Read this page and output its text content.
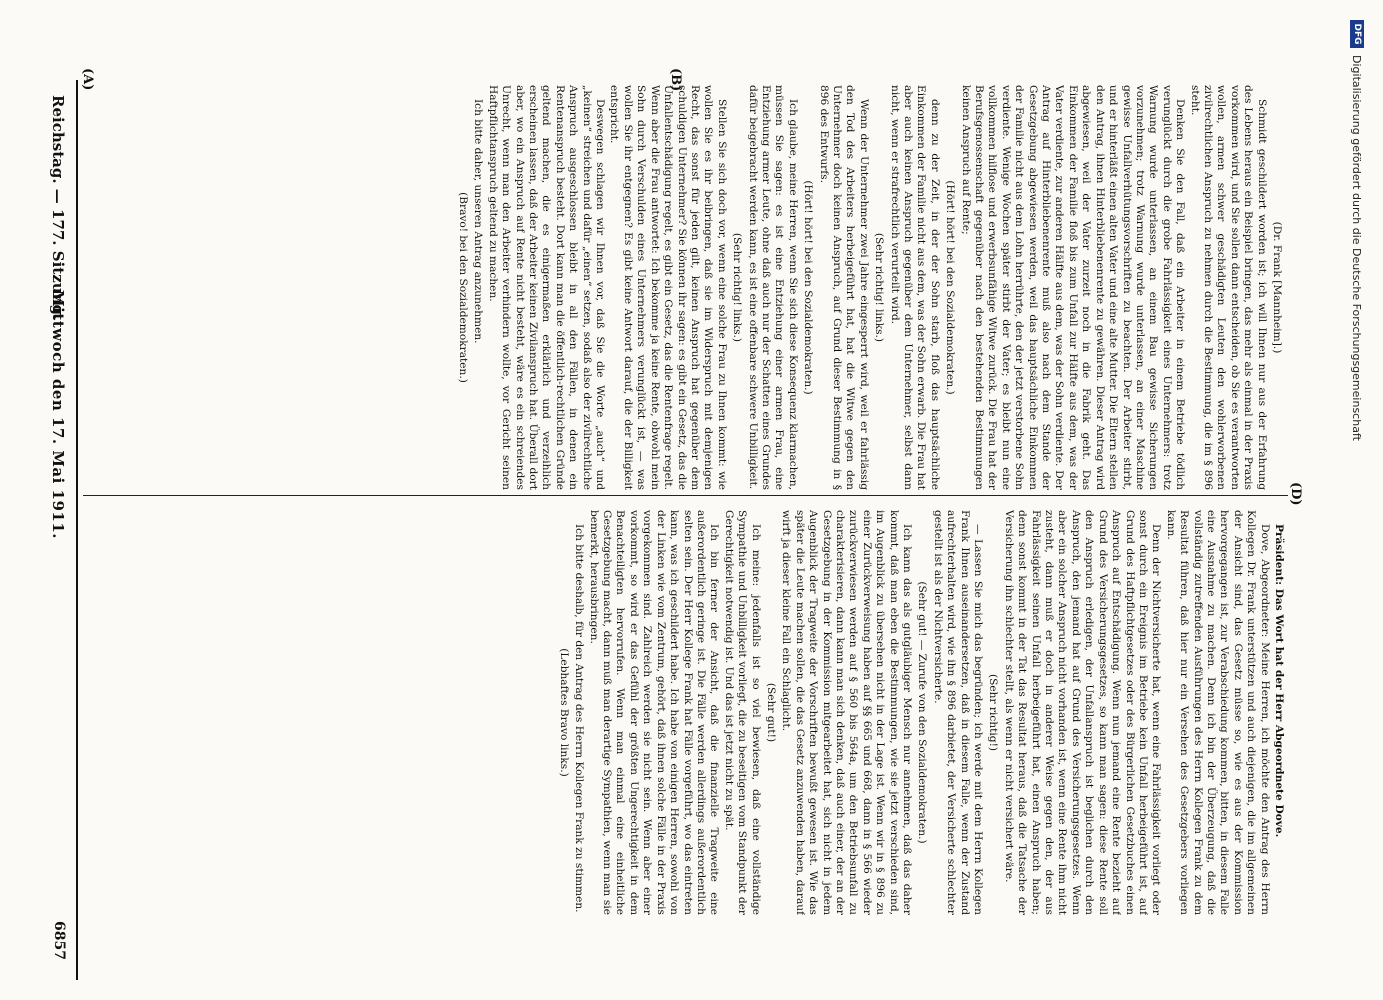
Reichstag. — 177. Sitzung.
Mittwoch den 17. Mai 1911.
6857
(A)	(B)
(D)

(Dr. Frank [Mannheim].)

Schmidt geschildert worden ist; ich will Ihnen nur aus der Erfahrung des Lebens heraus ein Beispiel bringen, das mehr als einmal in der Praxis vorkommen wird, und Sie sollen dann entscheiden, ob Sie es verantworten wollen, armen schwer geschädigten Leuten den wohlerworbenen zivilrechtlichen Anspruch zu nehmen durch die Bestimmung, die im § 896 steht.

Denken Sie den Fall, daß ein Arbeiter in einem Betriebe tödlich verunglückt durch die grobe Fahrlässigkeit eines Unternehmers: trotz Warnung wurde unterlassen, an einem Bau gewisse Sicherungen vorzunehmen; trotz Warnung wurde unterlassen, an einer Maschine gewisse Unfallverhütungsvorschriften zu beachten. Der Arbeiter stirbt, und er hinterläßt einen alten Vater und eine alte Mutter. Die Eltern stellen den Antrag, ihnen Hinterbliebenenrente zu gewähren. Dieser Antrag wird abgewiesen, weil der Vater zurzeit noch in die Fabrik geht. Das Einkommen der Familie floß bis zum Unfall zur Hälfte aus dem, was der Vater verdiente, zur anderen Hälfte aus dem, was der Sohn verdiente. Der Antrag auf Hinterbliebenenrente muß also nach dem Stande der Gesetzgebung abgewiesen werden, weil das hauptsächliche Einkommen der Familie nicht aus dem Lohn herrührte, den der jetzt verstorbene Sohn verdiente. Wenige Wochen später stirbt der Vater; es bleibt nun eine vollkommen hilflose und erwerbsunfähige Witwe zurück. Die Frau hat der Berufsgenossenschaft gegenüber nach den bestehenden Bestimmungen keinen Anspruch auf Rente;

(Hört! hört! bei den Sozialdemokraten.)

denn zu der Zeit, in der der Sohn starb, floß das hauptsächliche Einkommen der Familie nicht aus dem, was der Sohn erwarb. Die Frau hat aber auch keinen Anspruch gegenüber dem Unternehmer, selbst dann nicht, wenn er strafrechtlich verurteilt wird.

(Sehr richtig! links.)

Wenn der Unternehmer zwei Jahre eingesperrt wird, weil er fahrlässig den Tod des Arbeiters herbeigeführt hat, hat die Witwe gegen den Unternehmer doch keinen Anspruch, auf Grund dieser Bestimmung in § 896 des Entwurfs.

(Hört! hört! bei den Sozialdemokraten.)

Ich glaube, meine Herren, wenn Sie sich diese Konsequenz klarmachen, müssen Sie sagen: es ist eine Entziehung einer armen Frau, eine Entziehung armer Leute, ohne daß auch nur der Schatten eines Grundes dafür beigebracht werden kann, es ist eine offenbare schwere Unbilligkeit.

(Sehr richtig! links.)

Stellen Sie sich doch vor, wenn eine solche Frau zu Ihnen kommt: wie wollen Sie es ihr beibringen, daß sie im Widerspruch mit demjenigen Recht, das sonst für jeden gilt, keinen Anspruch hat gegenüber dem schuldigen Unternehmer? Sie können ihr sagen: es gibt ein Gesetz, das die Unfallentschädigung regelt, es gibt ein Gesetz, das die Rentenfrage regelt. Wenn aber die Frau antwortet: Ich bekomme ja keine Rente, obwohl mein Sohn durch Verschulden eines Unternehmers verunglückt ist, — was wollen Sie ihr entgegnen? Es gibt keine Antwort darauf, die der Billigkeit entspricht.

Deswegen schlagen wir Ihnen vor, daß Sie die Worte „auch“ und „keinen“ streichen und dafür „einen“ setzen, sodaß also der zivilrechtliche Anspruch ausgeschlossen bleibt in all den Fällen, in denen ein Rentenanspruch besteht. Dort kann man die öffentlich-rechtlichen Gründe geltend machen, die es einigermaßen erklärlich und verzeihlich erscheinen lassen, daß der Arbeiter keinen Zivilanspruch hat. Überall dort aber, wo ein Anspruch auf Rente nicht besteht, wäre es ein schreiendes Unrecht, wenn man den Arbeiter verhindern wollte, vor Gericht seinen Haftpflichtanspruch geltend zu machen.

Ich bitte daher, unseren Antrag anzunehmen.

(Bravo! bei den Sozialdemokraten.)

Präsident: Das Wort hat der Herr Abgeordnete Dove.

Dove, Abgeordneter: Meine Herren, ich möchte den Antrag des Herrn Kollegen Dr. Frank unterstützen und auch diejenigen, die im allgemeinen der Ansicht sind, das Gesetz müsse so, wie es aus der Kommission hervorgegangen ist, zur Verabschiedung kommen, bitten, in diesem Falle eine Ausnahme zu machen. Denn ich bin der Überzeugung, daß die vollständig zutreffenden Ausführungen des Herrn Kollegen Frank zu dem Resultat führen, daß hier nur ein Versehen des Gesetzgebers vorliegen kann.

Denn der Nichtversicherte hat, wenn eine Fahrlässigkeit vorliegt oder sonst durch ein Ereignis im Betriebe kein Unfall herbeigeführt ist, auf Grund des Haftpflichtgesetzes oder des Bürgerlichen Gesetzbuches einen Anspruch auf Entschädigung. Wenn nun jemand eine Rente bezieht auf Grund des Versicherungsgesetzes, so kann man sagen: diese Rente soll den Anspruch erledigen, der Unfallanspruch ist beglichen durch den Anspruch, den jemand hat auf Grund des Versicherungsgesetzes. Wenn aber ein solcher Anspruch nicht vorhanden ist, wenn eine Rente ihm nicht zusteht, dann muß er doch in anderer Weise gegen den, der aus Fahrlässigkeit seinen Unfall herbeigeführt hat, einen Anspruch haben; denn sonst kommt in der Tat das Resultat heraus, daß die Tatsache der Versicherung ihn schlechter stellt, als wenn er nicht versichert wäre.

(Sehr richtig!)

— Lassen Sie mich das begründen; ich werde mit dem Herrn Kollegen Frank Ihnen auseinandersetzen, daß in diesem Falle, wenn der Zustand aufrechterhalten wird, wie ihn § 896 darbietet, der Versicherte schlechter gestellt ist als der Nichtversicherte.

(Sehr gut! — Zurufe von den Sozialdemokraten.)

Ich kann das als gutgläubiger Mensch nur annehmen, daß das daher kommt, daß man eben die Bestimmungen, wie sie jetzt verschieden sind, im Augenblick zu übersehen nicht in der Lage ist. Wenn wir in § 896 zu einer Zurückverweisung haben auf §§ 665 und 668, dann in § 566 wieder zurückverwiesen werden auf § 560 bis 564a, um den Betriebsunfall zu charakterisieren, dann kann man sich denken, daß auch einer, der an der Gesetzgebung in der Kommission mitgearbeitet hat, sich nicht in jedem Augenblick der Tragweite der Vorschriften bewußt gewesen ist. Wie das später die Leute machen sollen, die das Gesetz anzuwenden haben, darauf wirft ja dieser kleine Fall ein Schlaglicht.

(Sehr gut!)

Ich meine: jedenfalls ist so viel bewiesen, daß eine vollständige Sympathie und Unbilligkeit vorliegt, die zu beseitigen vom Standpunkt der Gerechtigkeit notwendig ist. Und das ist jetzt nicht zu spät.

Ich bin ferner der Ansicht, daß die finanzielle Tragweite eine außerordentlich geringe ist. Die Fälle werden allerdings außerordentlich selten sein. Der Herr Kollege Frank hat Fälle vorgeführt, wo das eintreten kann, was ich geschildert habe. Ich habe von einigen Herren, sowohl von der Linken wie vom Zentrum, gehört, daß ihnen solche Fälle in der Praxis vorgekommen sind. Zahlreich werden sie nicht sein. Wenn aber einer vorkommt, so wird er das Gefühl der größten Ungerechtigkeit in dem Benachteiligten hervorrufen. Wenn man einmal eine einheitliche Gesetzgebung macht, dann muß man derartige Sympathien, wenn man sie bemerkt, herausbringen.

Ich bitte deshalb, für den Antrag des Herrn Kollegen Frank zu stimmen.

(Lebhaftes Bravo links.)

DFG
Digitalisierung gefördert durch die Deutsche Forschungsgemeinschaft
